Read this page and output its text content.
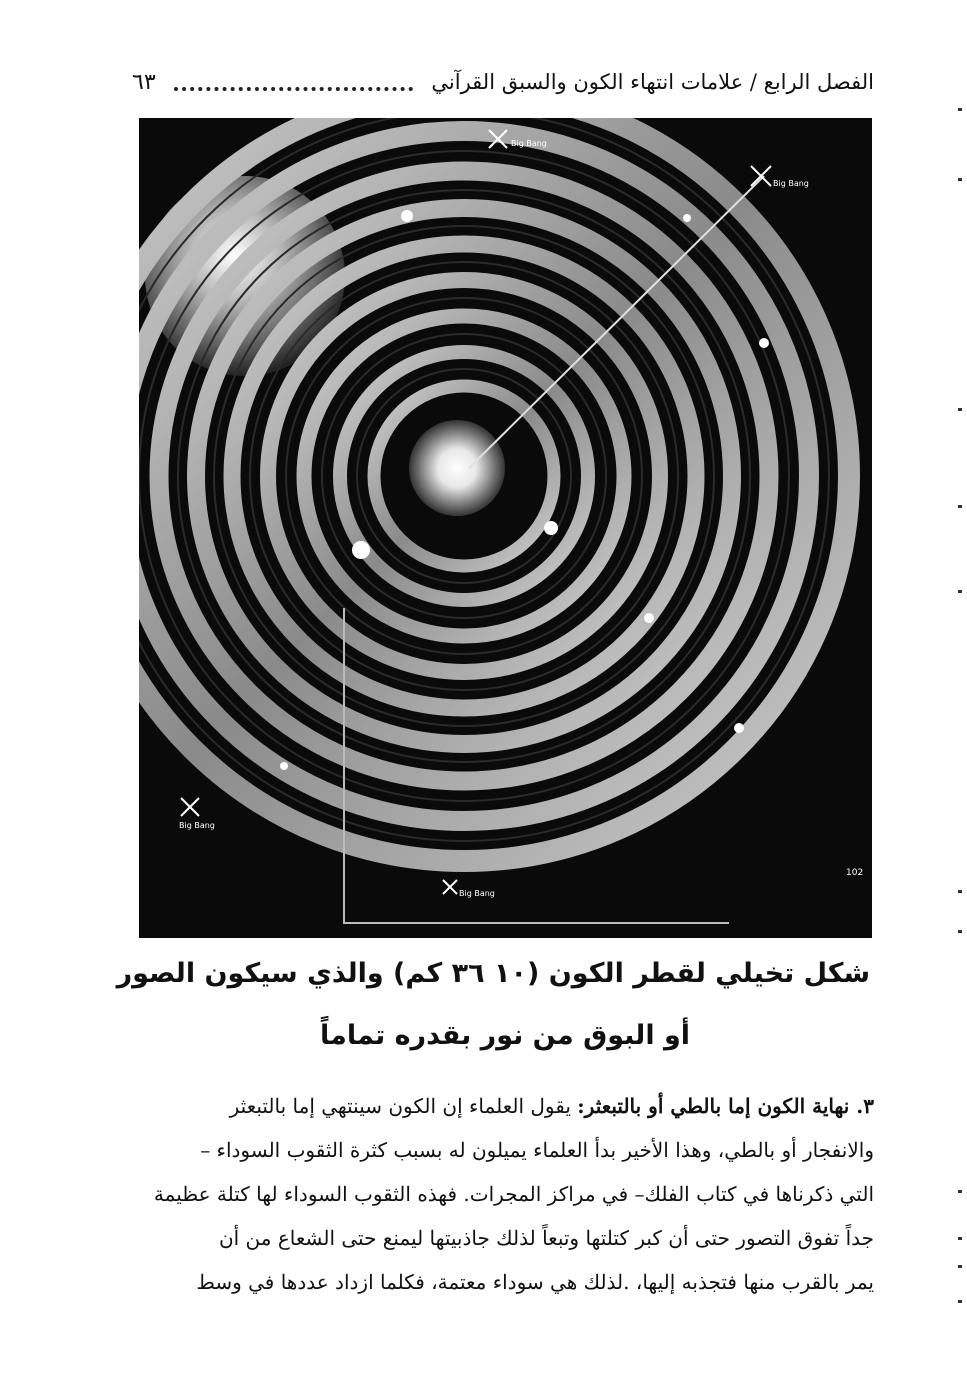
الفصل الرابع / علامات انتهاء الكون والسبق القرآني
٦٣
Big Bang
Big Bang
Big Bang
Big Bang
102
شكل تخيلي لقطر الكون (١٠ ٣٦ كم) والذي سيكون الصور
أو البوق من نور بقدره تماماً
٣. نهاية الكون إما بالطي أو بالتبعثر: يقول العلماء إن الكون سينتهي إما بالتبعثر
والانفجار أو بالطي، وهذا الأخير بدأ العلماء يميلون له بسبب كثرة الثقوب السوداء –
التي ذكرناها في كتاب الفلك– في مراكز المجرات. فهذه الثقوب السوداء لها كتلة عظيمة
جداً تفوق التصور حتى أن كبر كتلتها وتبعاً لذلك جاذبيتها ليمنع حتى الشعاع من أن
يمر بالقرب منها فتجذبه إليها، .لذلك هي سوداء معتمة، فكلما ازداد عددها في وسط
